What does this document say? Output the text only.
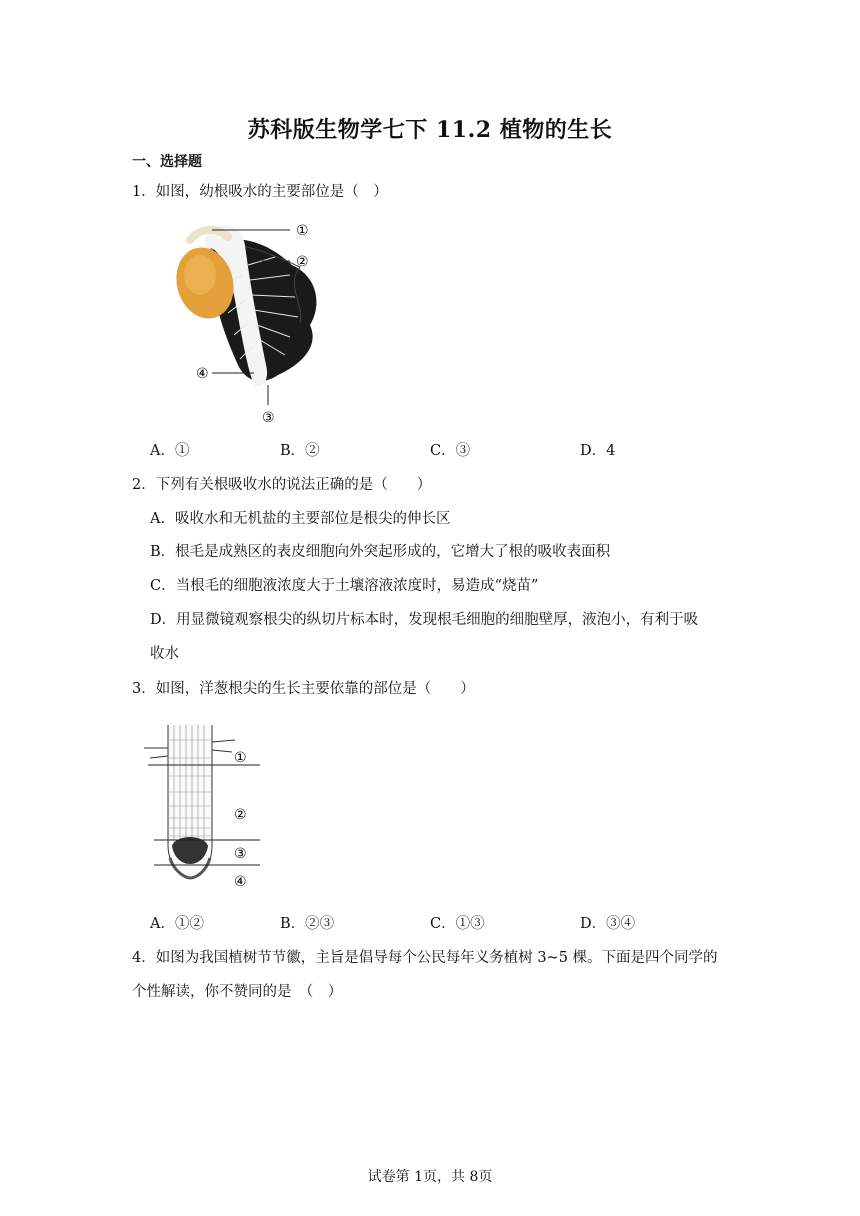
苏科版生物学七下 11.2 植物的生长
一、选择题
1．如图，幼根吸水的主要部位是（　）
①
②
③
④
A．①	B．②	C．③	D．4
2．下列有关根吸收水的说法正确的是（　　）
A．吸收水和无机盐的主要部位是根尖的伸长区
B．根毛是成熟区的表皮细胞向外突起形成的，它增大了根的吸收表面积
C．当根毛的细胞液浓度大于土壤溶液浓度时，易造成“烧苗”
D．用显微镜观察根尖的纵切片标本时，发现根毛细胞的细胞壁厚，液泡小，有利于吸
收水
3．如图，洋葱根尖的生长主要依靠的部位是（　　）
①
②
③
④
A．①②	B．②③	C．①③	D．③④
4．如图为我国植树节节徽，主旨是倡导每个公民每年义务植树 3~5 棵。下面是四个同学的
个性解读，你不赞同的是　（　）
试卷第 1页，共 8页
